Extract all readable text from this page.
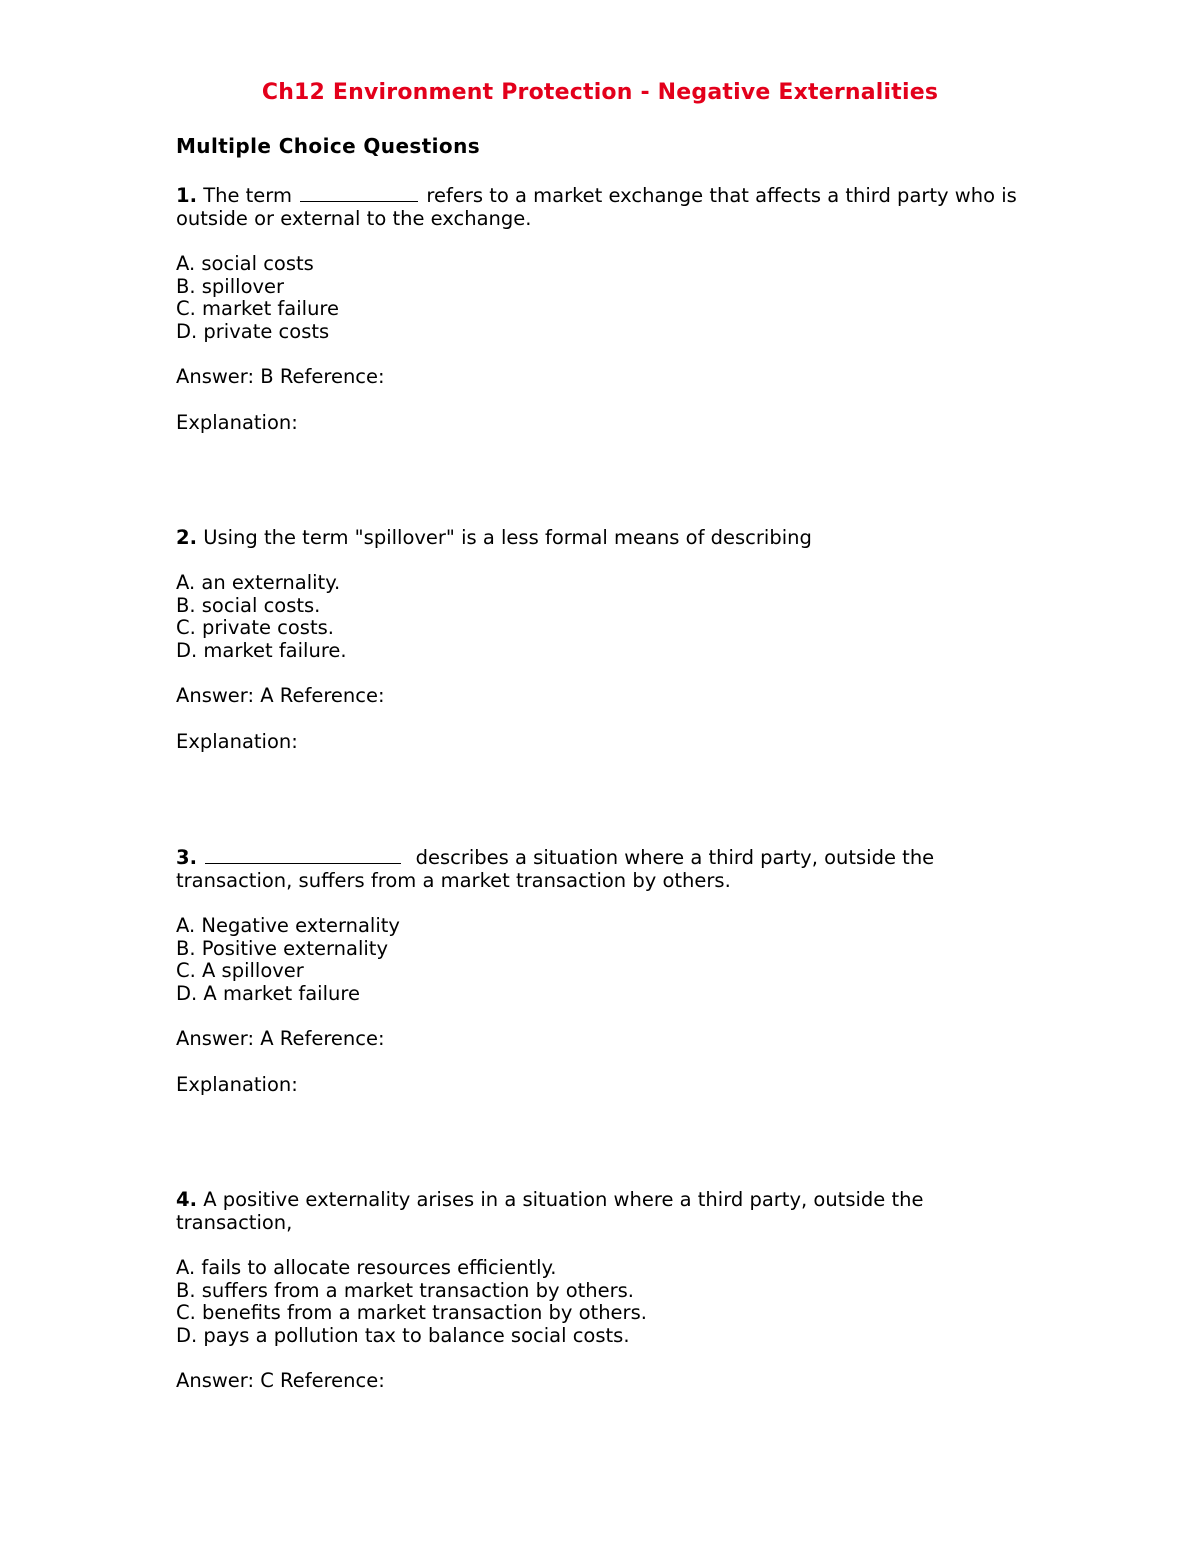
Ch12 Environment Protection - Negative Externalities
Multiple Choice Questions

1. The term	refers to a market exchange that affects a third party who is outside or external to the exchange.

A. social costs
B. spillover
C. market failure
D. private costs

Answer: B Reference:

Explanation:

2. Using the term "spillover" is a less formal means of describing

A. an externality.
B. social costs.
C. private costs.
D. market failure.

Answer: A Reference:

Explanation:

3.	describes a situation where a third party, outside the transaction, suffers from a market transaction by others.

A. Negative externality
B. Positive externality
C. A spillover
D. A market failure

Answer: A Reference:

Explanation:

4. A positive externality arises in a situation where a third party, outside the transaction,

A. fails to allocate resources efficiently.
B. suffers from a market transaction by others.
C. benefits from a market transaction by others.
D. pays a pollution tax to balance social costs.

Answer: C Reference:
